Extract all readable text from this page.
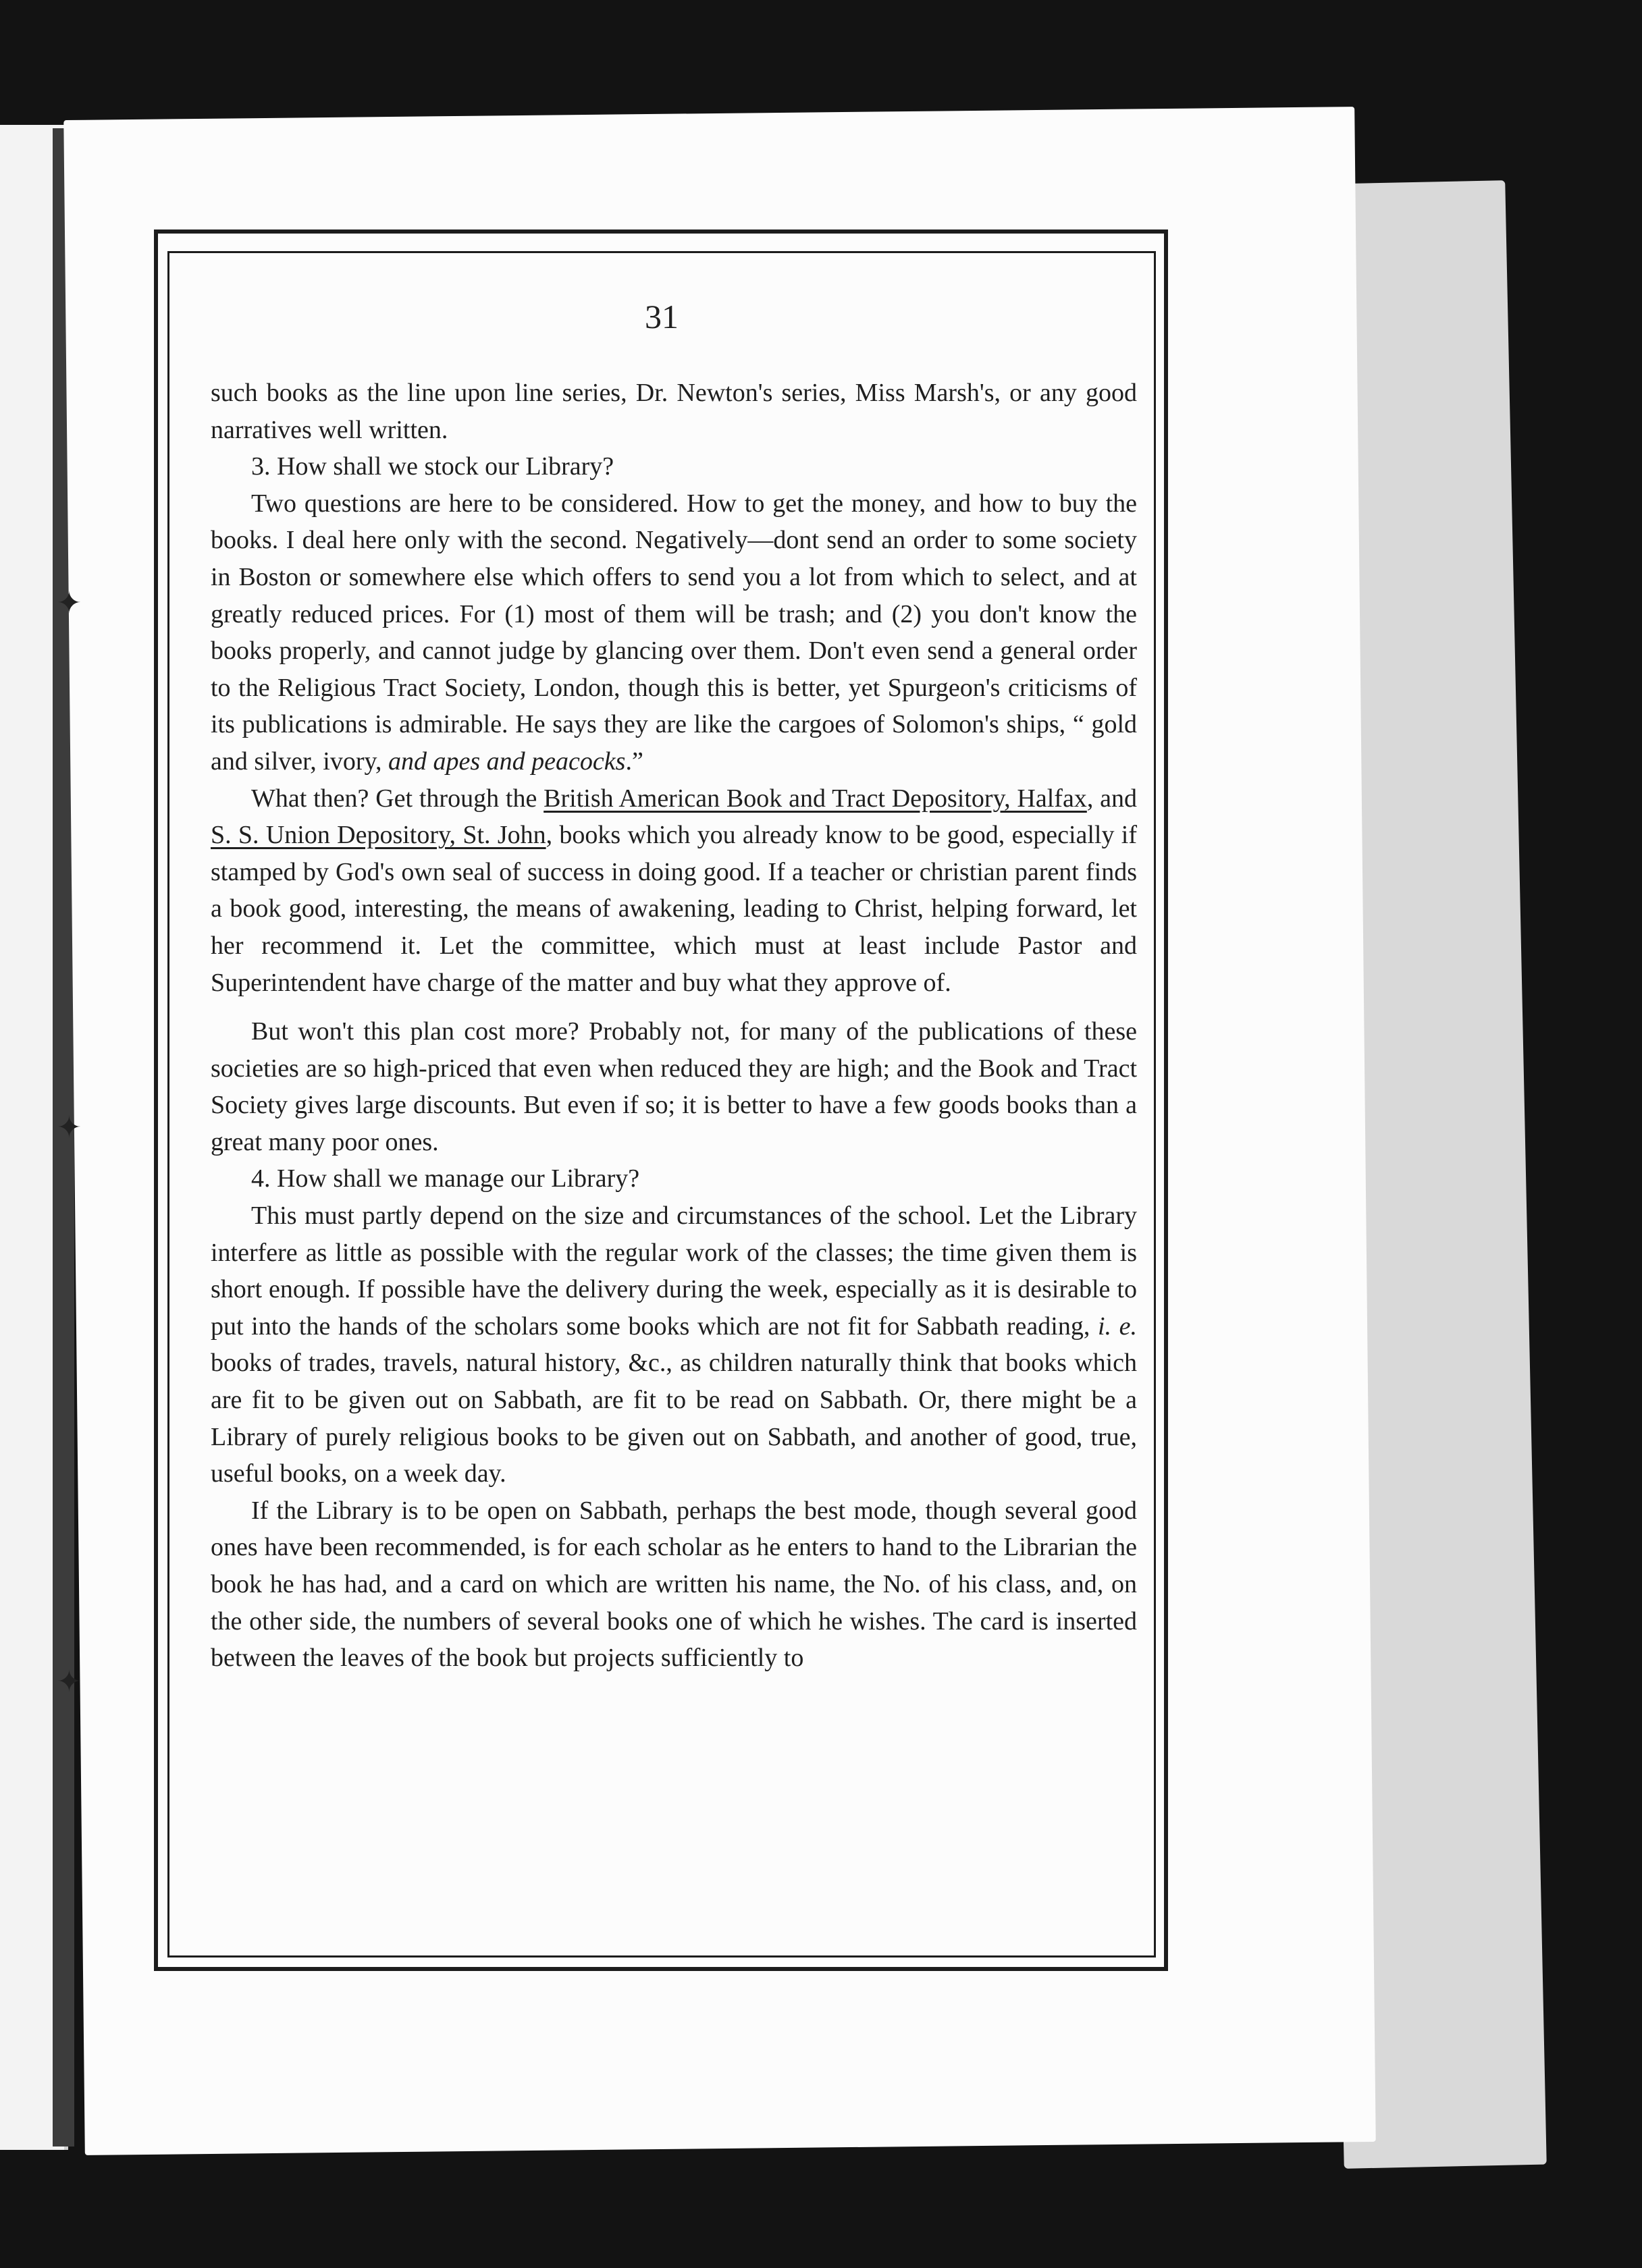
✦
✦
✦
31

such books as the line upon line series, Dr. Newton's series, Miss Marsh's, or any good narratives well written.

3. How shall we stock our Library?

Two questions are here to be considered. How to get the money, and how to buy the books. I deal here only with the second. Negatively—dont send an order to some society in Boston or somewhere else which offers to send you a lot from which to select, and at greatly reduced prices. For (1) most of them will be trash; and (2) you don't know the books properly, and cannot judge by glancing over them. Don't even send a general order to the Religious Tract Society, London, though this is better, yet Spurgeon's criticisms of its publications is admirable. He says they are like the cargoes of Solomon's ships, “ gold and silver, ivory, and apes and peacocks.”

What then? Get through the British American Book and Tract Depository, Halfax, and S. S. Union Depository, St. John, books which you already know to be good, especially if stamped by God's own seal of success in doing good. If a teacher or christian parent finds a book good, interesting, the means of awakening, leading to Christ, helping forward, let her recommend it. Let the committee, which must at least include Pastor and Superintendent have charge of the matter and buy what they approve of.

But won't this plan cost more? Probably not, for many of the publications of these societies are so high-priced that even when reduced they are high; and the Book and Tract Society gives large discounts. But even if so; it is better to have a few goods books than a great many poor ones.

4. How shall we manage our Library?

This must partly depend on the size and circumstances of the school. Let the Library interfere as little as possible with the regular work of the classes; the time given them is short enough. If possible have the delivery during the week, especially as it is desirable to put into the hands of the scholars some books which are not fit for Sabbath reading, i. e. books of trades, travels, natural history, &c., as children naturally think that books which are fit to be given out on Sabbath, are fit to be read on Sabbath. Or, there might be a Library of purely religious books to be given out on Sabbath, and another of good, true, useful books, on a week day.

If the Library is to be open on Sabbath, perhaps the best mode, though several good ones have been recommended, is for each scholar as he enters to hand to the Librarian the book he has had, and a card on which are written his name, the No. of his class, and, on the other side, the numbers of several books one of which he wishes. The card is inserted between the leaves of the book but projects sufficiently to
